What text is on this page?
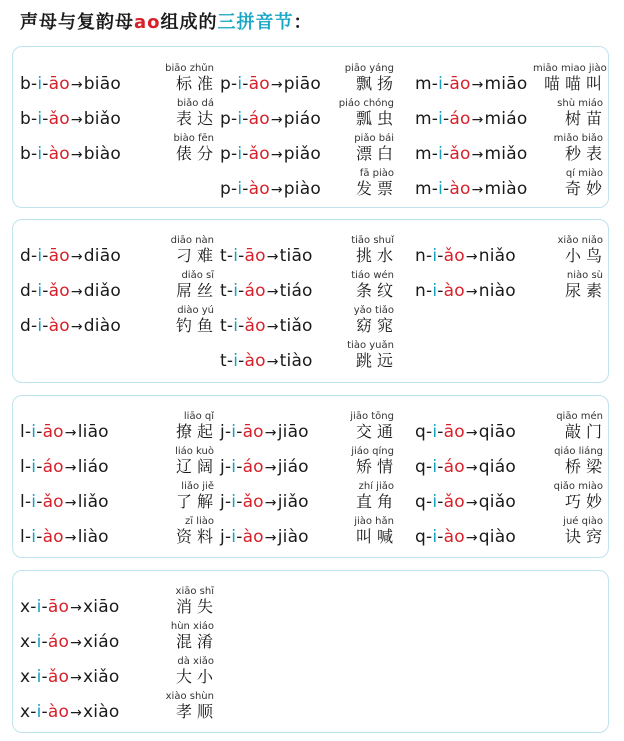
声母与复韵母ao组成的三拼音节：
b-i-āo→biāo
biāo zhǔn
标准
b-i-ǎo→biǎo
biǎo dá
表达
b-i-ào→biào
biào fēn
俵分
p-i-āo→piāo
piāo yáng
飘扬
p-i-áo→piáo
piáo chóng
瓢虫
p-i-ǎo→piǎo
piǎo bái
漂白
p-i-ào→piào
fā piào
发票
m-i-āo→miāo
miāo miao jiào
喵喵叫
m-i-áo→miáo
shù miáo
树苗
m-i-ǎo→miǎo
miǎo biǎo
秒表
m-i-ào→miào
qí miào
奇妙
d-i-āo→diāo
diāo nàn
刁难
d-i-ǎo→diǎo
diǎo sī
屌丝
d-i-ào→diào
diào yú
钓鱼
t-i-āo→tiāo
tiāo shuǐ
挑水
t-i-áo→tiáo
tiáo wén
条纹
t-i-ǎo→tiǎo
yǎo tiǎo
窈窕
t-i-ào→tiào
tiào yuǎn
跳远
n-i-ǎo→niǎo
xiǎo niǎo
小鸟
n-i-ào→niào
niào sù
尿素
l-i-āo→liāo
liāo qǐ
撩起
l-i-áo→liáo
liáo kuò
辽阔
l-i-ǎo→liǎo
liǎo jiě
了解
l-i-ào→liào
zī liào
资料
j-i-āo→jiāo
jiāo tōng
交通
j-i-áo→jiáo
jiáo qíng
矫情
j-i-ǎo→jiǎo
zhí jiǎo
直角
j-i-ào→jiào
jiào hǎn
叫喊
q-i-āo→qiāo
qiāo mén
敲门
q-i-áo→qiáo
qiáo liáng
桥梁
q-i-ǎo→qiǎo
qiǎo miào
巧妙
q-i-ào→qiào
jué qiào
诀窍
x-i-āo→xiāo
xiāo shī
消失
x-i-áo→xiáo
hùn xiáo
混淆
x-i-ǎo→xiǎo
dà xiǎo
大小
x-i-ào→xiào
xiào shùn
孝顺
